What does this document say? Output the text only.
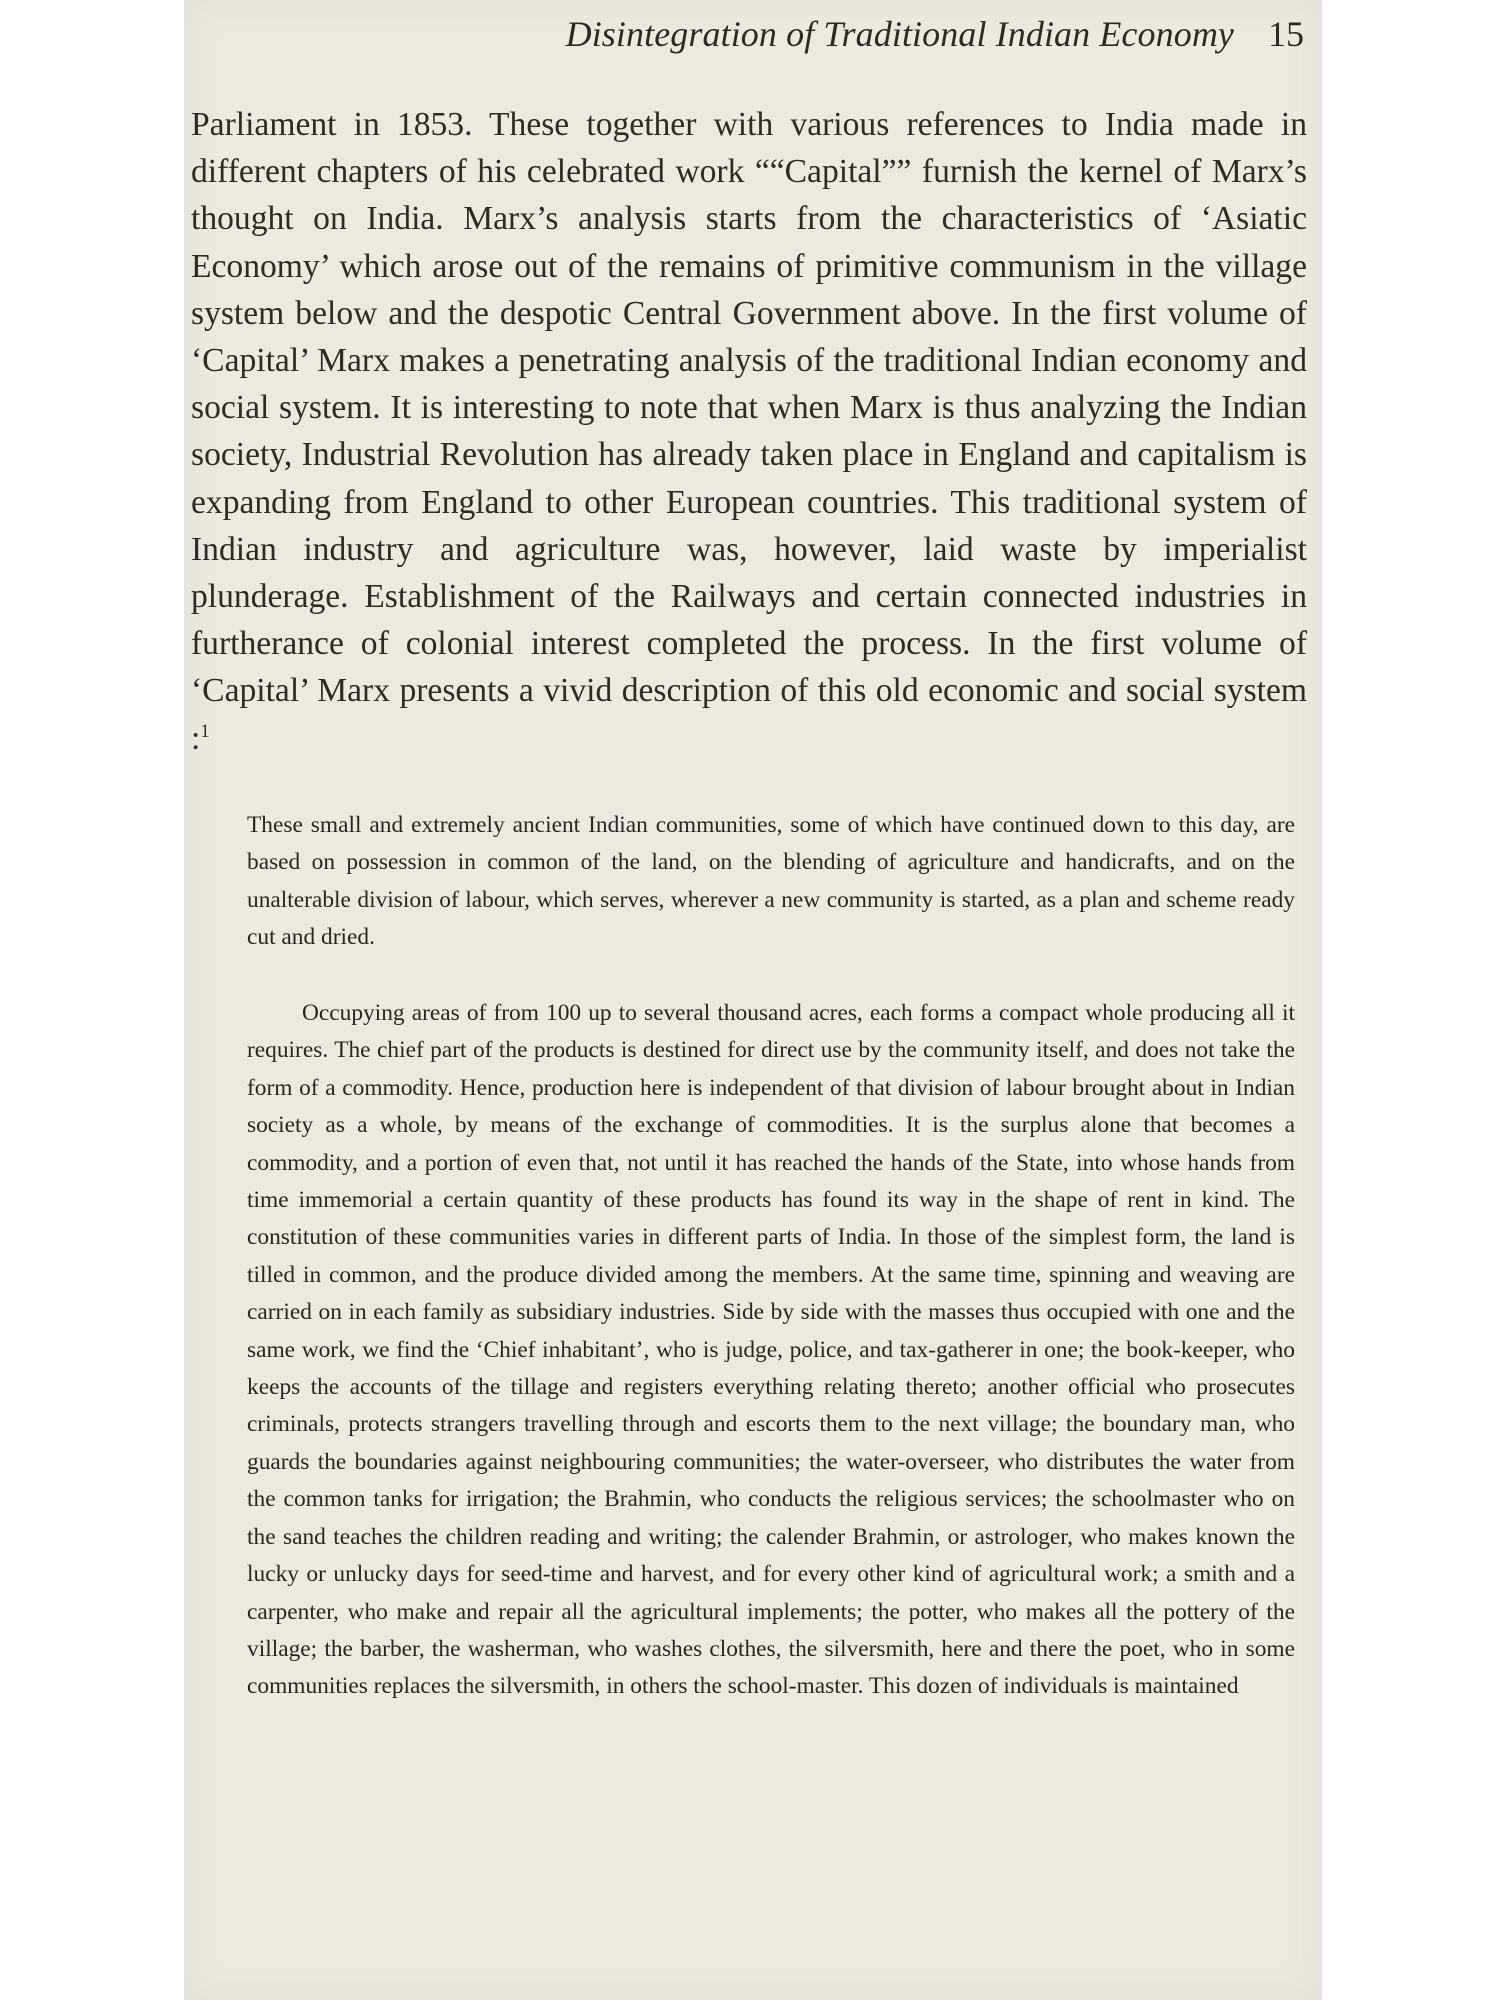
Disintegration of Traditional Indian Economy 15

Parliament in 1853. These together with various references to India made in different chapters of his celebrated work ““Capital”” furnish the kernel of Marx’s thought on India. Marx’s analysis starts from the characteristics of ‘Asiatic Economy’ which arose out of the remains of primitive communism in the village system below and the despotic Central Government above. In the first volume of ‘Capital’ Marx makes a penetrating analysis of the traditional Indian economy and social system. It is interesting to note that when Marx is thus analyzing the Indian society, Industrial Revolution has already taken place in England and capitalism is expanding from England to other European countries. This traditional system of Indian industry and agriculture was, however, laid waste by imperialist plunderage. Establishment of the Railways and certain connected industries in furtherance of colonial interest completed the process. In the first volume of ‘Capital’ Marx presents a vivid description of this old economic and social system :$^1$

These small and extremely ancient Indian communities, some of which have continued down to this day, are based on possession in common of the land, on the blending of agriculture and handicrafts, and on the unalterable division of labour, which serves, wherever a new community is started, as a plan and scheme ready cut and dried.

Occupying areas of from 100 up to several thousand acres, each forms a compact whole producing all it requires. The chief part of the products is destined for direct use by the community itself, and does not take the form of a commodity. Hence, production here is independent of that division of labour brought about in Indian society as a whole, by means of the exchange of commodities. It is the surplus alone that becomes a commodity, and a portion of even that, not until it has reached the hands of the State, into whose hands from time immemorial a certain quantity of these products has found its way in the shape of rent in kind. The constitution of these communities varies in different parts of India. In those of the simplest form, the land is tilled in common, and the produce divided among the members. At the same time, spinning and weaving are carried on in each family as subsidiary industries. Side by side with the masses thus occupied with one and the same work, we find the ‘Chief inhabitant’, who is judge, police, and tax-gatherer in one; the book-keeper, who keeps the accounts of the tillage and registers everything relating thereto; another official who prosecutes criminals, protects strangers travelling through and escorts them to the next village; the boundary man, who guards the boundaries against neighbouring communities; the water-overseer, who distributes the water from the common tanks for irrigation; the Brahmin, who conducts the religious services; the schoolmaster who on the sand teaches the children reading and writing; the calender Brahmin, or astrologer, who makes known the lucky or unlucky days for seed-time and harvest, and for every other kind of agricultural work; a smith and a carpenter, who make and repair all the agricultural implements; the potter, who makes all the pottery of the village; the barber, the washerman, who washes clothes, the silversmith, here and there the poet, who in some communities replaces the silversmith, in others the school-master. This dozen of individuals is maintained
